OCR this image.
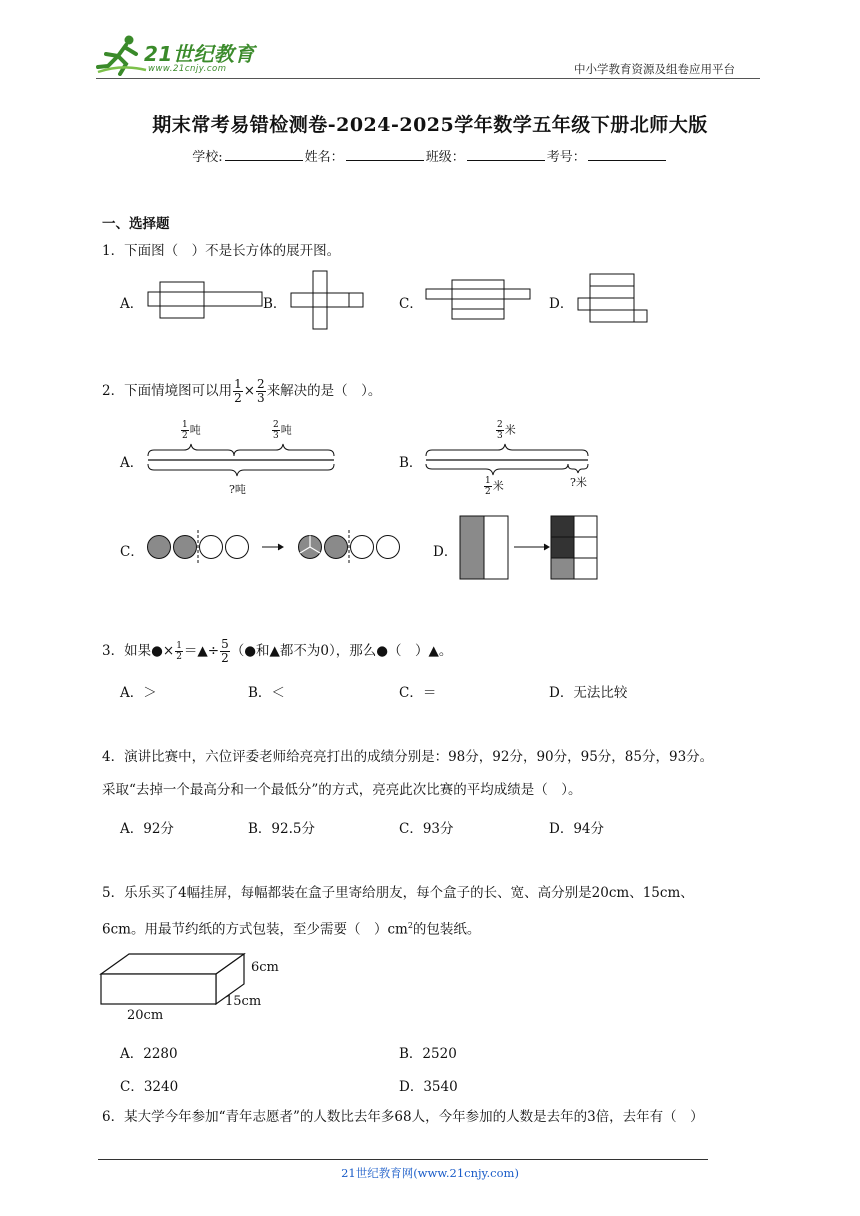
21世纪教育
www.21cnjy.com	中小学教育资源及组卷应用平台
期末常考易错检测卷-2024-2025学年数学五年级下册北师大版
学校:	姓名：	班级：	考号：
一、选择题
1．下面图（　）不是长方体的展开图。
A．	B．	C．	D．
2．下面情境图可以用 $\frac{1}{2} \times \frac{2}{3}$ 来解决的是（　）。
A．
$\frac{1}{2}$ 吨	$\frac{2}{3}$ 吨
?吨
B．
$\frac{2}{3}$ 米
$\frac{1}{2}$ 米	?米
C．	D．
3．如果●× $\frac{1}{2}$ ＝▲÷ $\frac{5}{2}$ （●和▲都不为0），那么●（　）▲。
A．＞	B．＜	C．＝	D．无法比较
4．演讲比赛中，六位评委老师给亮亮打出的成绩分别是：98分，92分，90分，95分，85分，93分。
采取“去掉一个最高分和一个最低分”的方式，亮亮此次比赛的平均成绩是（　）。
A．92分	B．92.5分	C．93分	D．94分
5．乐乐买了4幅挂屏，每幅都装在盒子里寄给朋友，每个盒子的长、宽、高分别是20cm、15cm、
6cm。用最节约纸的方式包装，至少需要（　）$cm^2$的包装纸。
6cm
15cm
20cm
A．2280	B．2520
C．3240	D．3540
6．某大学今年参加“青年志愿者”的人数比去年多68人，今年参加的人数是去年的3倍，去年有（　）
21世纪教育网(www.21cnjy.com)
